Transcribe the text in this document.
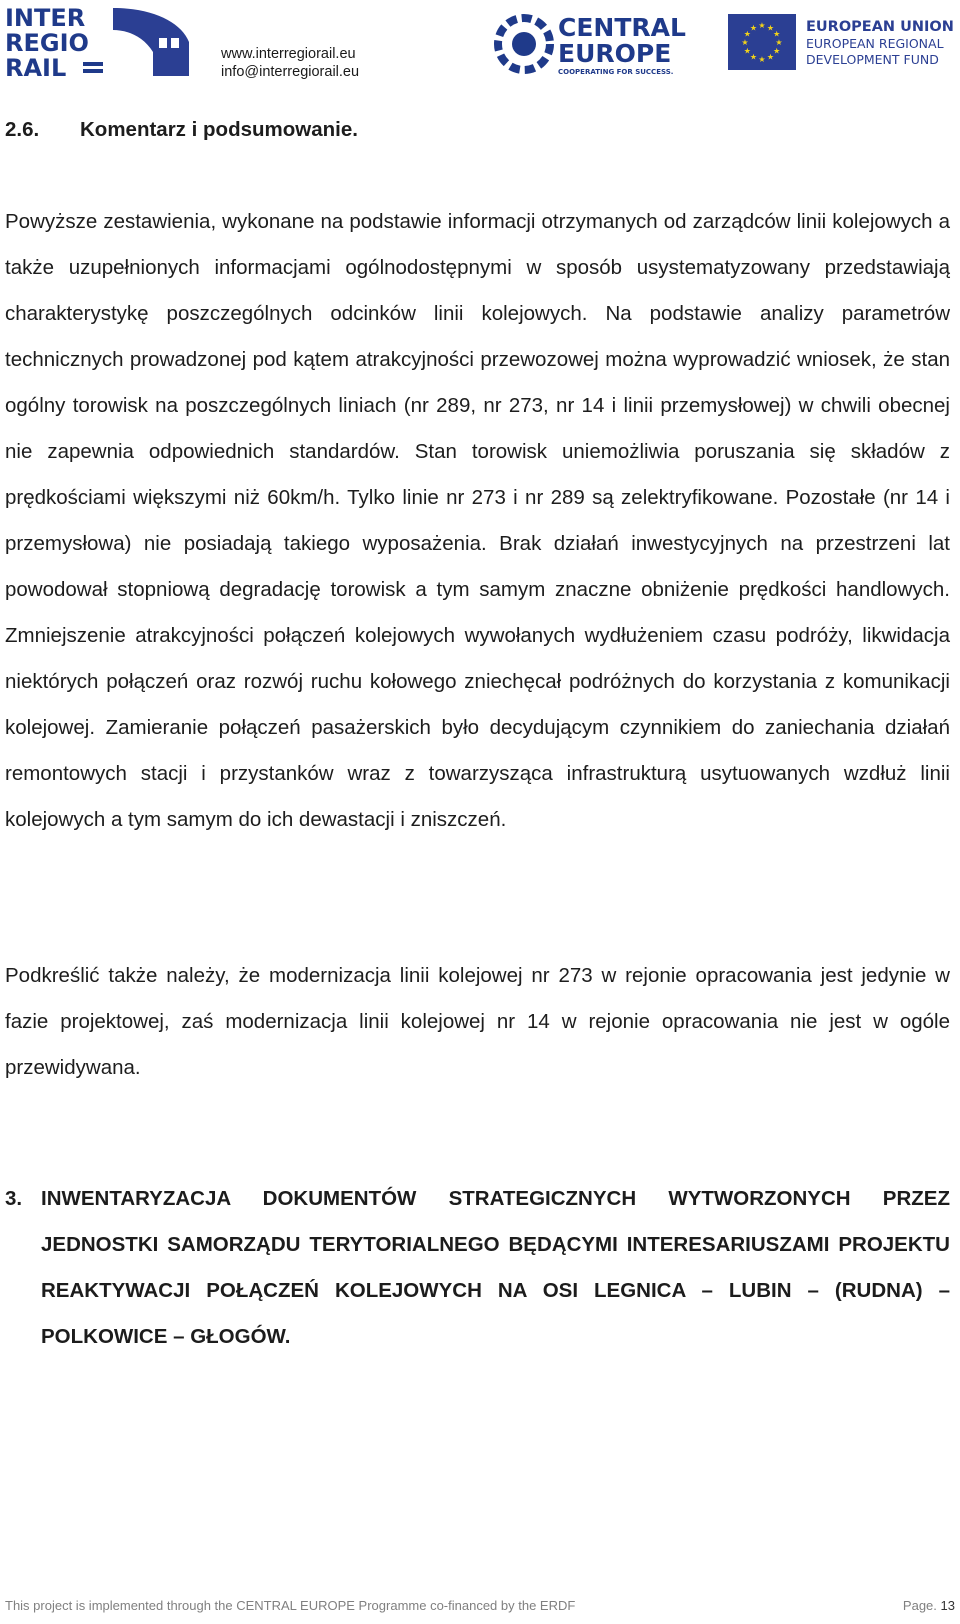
INTER
REGIO
RAIL	www.interregiorail.eu
info@interregiorail.eu
CENTRAL
EUROPE
COOPERATING FOR SUCCESS.
★ ★
★
★
★
★
★
★
★
★
★
★	EUROPEAN UNION
EUROPEAN REGIONAL
DEVELOPMENT FUND
2.6. Komentarz i podsumowanie.

Powyższe zestawienia, wykonane na podstawie informacji otrzymanych od zarządców linii kolejowych a także uzupełnionych informacjami ogólnodostępnymi w sposób usystematyzowany przedstawiają charakterystykę poszczególnych odcinków linii kolejowych. Na podstawie analizy parametrów technicznych prowadzonej pod kątem atrakcyjności przewozowej można wyprowadzić wniosek, że stan ogólny torowisk na poszczególnych liniach (nr 289, nr 273, nr 14 i linii przemysłowej) w chwili obecnej nie zapewnia odpowiednich standardów. Stan torowisk uniemożliwia poruszania się składów z prędkościami większymi niż 60km/h. Tylko linie nr 273 i nr 289 są zelektryfikowane. Pozostałe (nr 14 i przemysłowa) nie posiadają takiego wyposażenia. Brak działań inwestycyjnych na przestrzeni lat powodował stopniową degradację torowisk a tym samym znaczne obniżenie prędkości handlowych. Zmniejszenie atrakcyjności połączeń kolejowych wywołanych wydłużeniem czasu podróży, likwidacja niektórych połączeń oraz rozwój ruchu kołowego zniechęcał podróżnych do korzystania z komunikacji kolejowej. Zamieranie połączeń pasażerskich było decydującym czynnikiem do zaniechania działań remontowych stacji i przystanków wraz z towarzysząca infrastrukturą usytuowanych wzdłuż linii kolejowych a tym samym do ich dewastacji i zniszczeń.

Podkreślić także należy, że modernizacja linii kolejowej nr 273 w rejonie opracowania jest jedynie w fazie projektowej, zaś modernizacja linii kolejowej nr 14 w rejonie opracowania nie jest w ogóle przewidywana.

3. INWENTARYZACJA DOKUMENTÓW STRATEGICZNYCH WYTWORZONYCH PRZEZ JEDNOSTKI SAMORZĄDU TERYTORIALNEGO BĘDĄCYMI INTERESARIUSZAMI PROJEKTU REAKTYWACJI POŁĄCZEŃ KOLEJOWYCH NA OSI LEGNICA – LUBIN – (RUDNA) – POLKOWICE – GŁOGÓW.
This project is implemented through the CENTRAL EUROPE Programme co-financed by the ERDF	Page. 13
